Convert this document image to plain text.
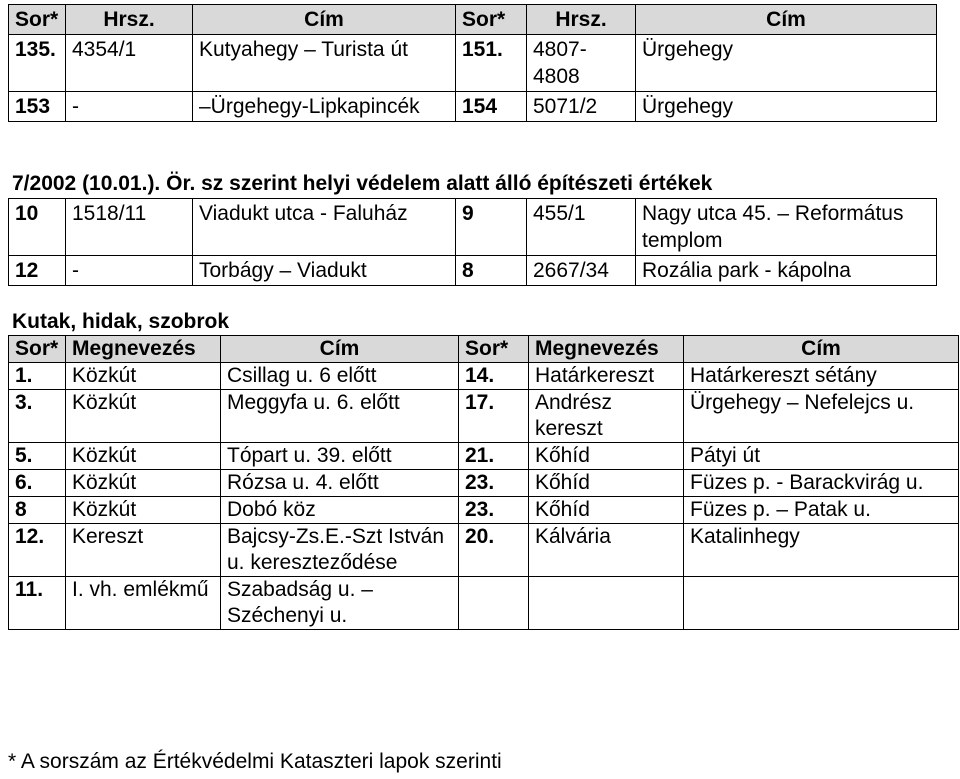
Sor*	Hrsz.	Cím	Sor*	Hrsz.	Cím
135.	4354/1	Kutyahegy – Turista út	151.	4807-4808	Ürgehegy
153	-	–Ürgehegy-Lipkapincék	154	5071/2	Ürgehegy
7/2002 (10.01.). Ör. sz szerint helyi védelem alatt álló építészeti értékek
10	1518/11	Viadukt utca - Faluház	9	455/1	Nagy utca 45. – Református templom
12	-	Torbágy – Viadukt	8	2667/34	Rozália park - kápolna
Kutak, hidak, szobrok
Sor*	Megnevezés	Cím	Sor*	Megnevezés	Cím
1.	Közkút	Csillag u. 6 előtt	14.	Határkereszt	Határkereszt sétány
3.	Közkút	Meggyfa u. 6. előtt	17.	Andrész kereszt	Ürgehegy – Nefelejcs u.
5.	Közkút	Tópart u. 39. előtt	21.	Kőhíd	Pátyi út
6.	Közkút	Rózsa u. 4. előtt	23.	Kőhíd	Füzes p. - Barackvirág u.
8	Közkút	Dobó köz	23.	Kőhíd	Füzes p. – Patak u.
12.	Kereszt	Bajcsy-Zs.E.-Szt István u. kereszteződése	20.	Kálvária	Katalinhegy
11.	I. vh. emlékmű	Szabadság u. – Széchenyi u.			
* A sorszám az Értékvédelmi Kataszteri lapok szerinti
